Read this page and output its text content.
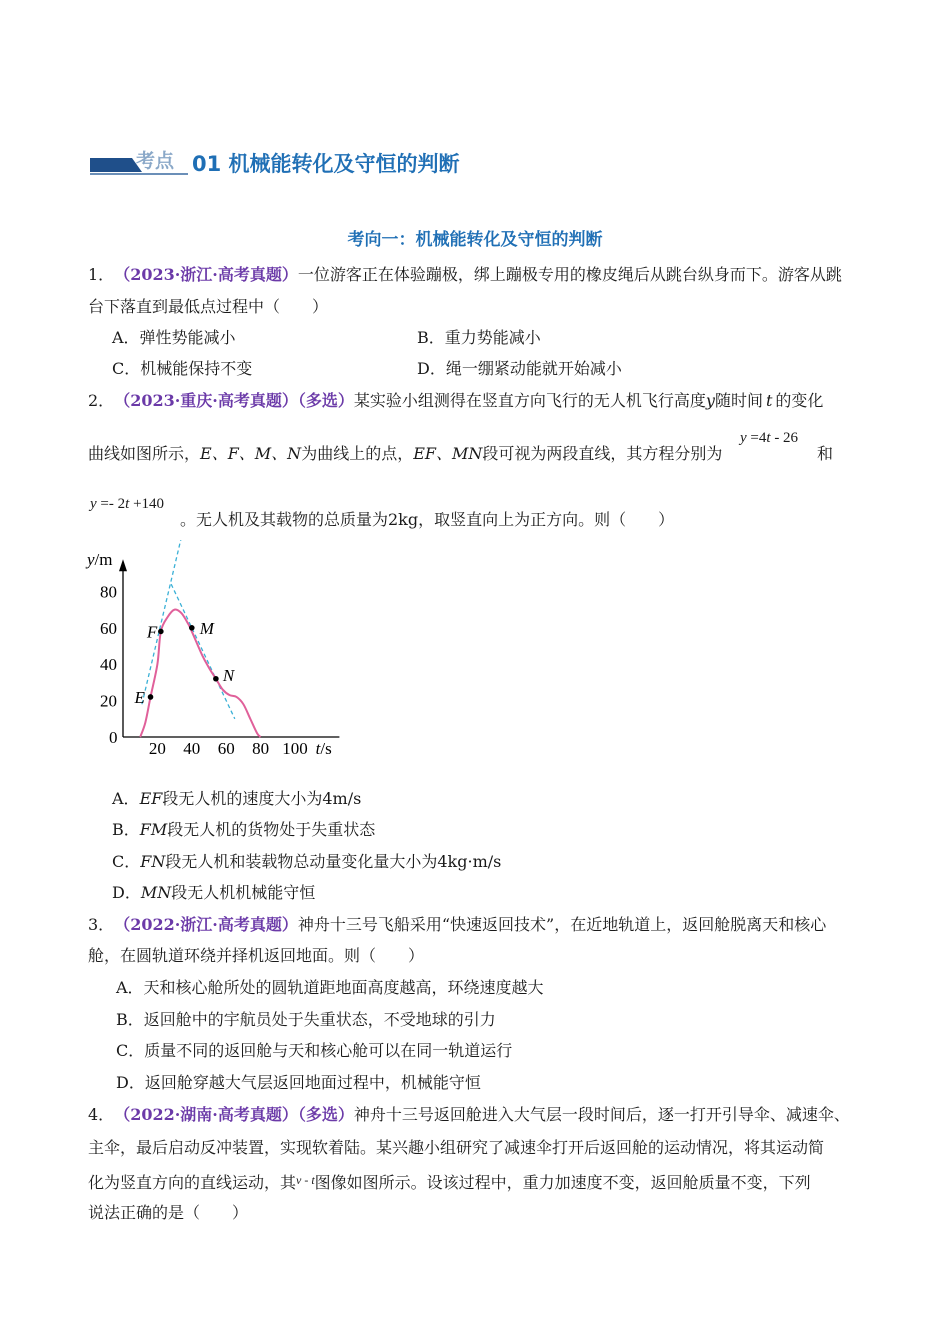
考点 01 机械能转化及守恒的判断
考向一：机械能转化及守恒的判断
1． （2023·浙江·高考真题）一位游客正在体验蹦极，绑上蹦极专用的橡皮绳后从跳台纵身而下。游客从跳
台下落直到最低点过程中（　　）
A．弹性势能减小	B．重力势能减小
C．机械能保持不变	D．绳一绷紧动能就开始减小
2． （2023·重庆·高考真题）（多选）某实验小组测得在竖直方向飞行的无人机飞行高度y随时间 t 的变化
y =4t - 26
曲线如图所示，E、F、M、N为曲线上的点，EF、MN段可视为两段直线，其方程分别为	和
y =- 2t +140
。无人机及其载物的总质量为2kg，取竖直向上为正方向。则（　　）
0
20 40 60 80 100
20
40
60
80
t/s
y/m
E
F	M
N
A．EF段无人机的速度大小为4m/s
B．FM段无人机的货物处于失重状态
C．FN段无人机和装载物总动量变化量大小为4kg·m/s
D．MN段无人机机械能守恒
3． （2022·浙江·高考真题）神舟十三号飞船采用“快速返回技术”，在近地轨道上，返回舱脱离天和核心
舱，在圆轨道环绕并择机返回地面。则（　　）
A．天和核心舱所处的圆轨道距地面高度越高，环绕速度越大
B．返回舱中的宇航员处于失重状态，不受地球的引力
C．质量不同的返回舱与天和核心舱可以在同一轨道运行
D．返回舱穿越大气层返回地面过程中，机械能守恒
4． （2022·湖南·高考真题）（多选）神舟十三号返回舱进入大气层一段时间后，逐一打开引导伞、减速伞、
主伞，最后启动反冲装置，实现软着陆。某兴趣小组研究了减速伞打开后返回舱的运动情况，将其运动简
化为竖直方向的直线运动，其$^{v - t}$图像如图所示。设该过程中，重力加速度不变，返回舱质量不变，下列
说法正确的是（　　）
